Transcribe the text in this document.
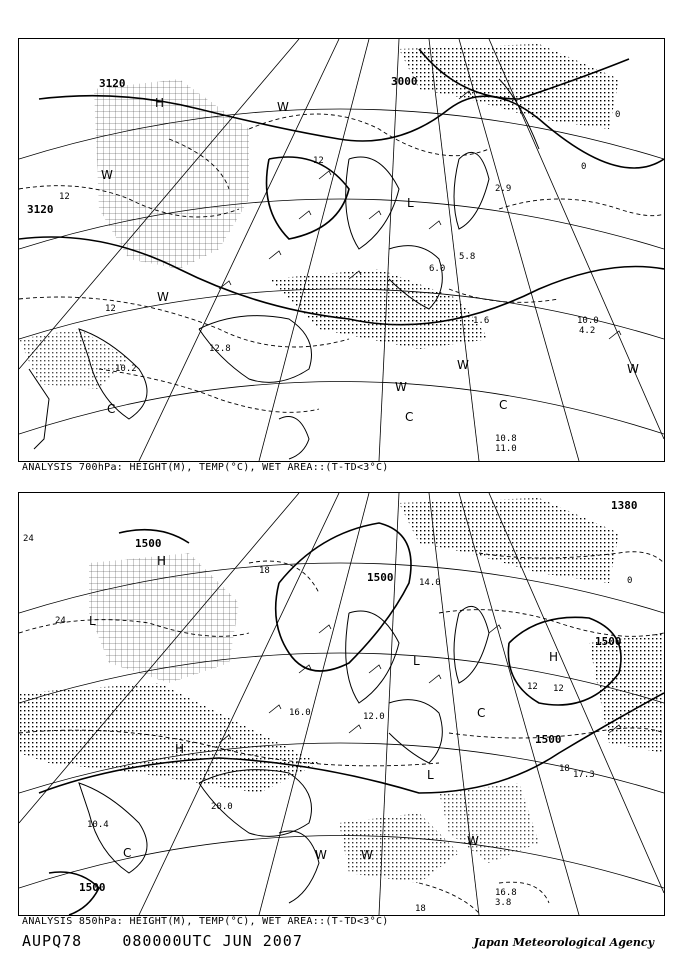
3120
3120
3000
12
12
12
0
0
H
L
W
W
W
W	W
W
C
C
C
10.0
4.2
10.8
11.0
12.8
10.2
5.8
6.0
2.9
1.6
ANALYSIS 700hPa: HEIGHT(M), TEMP(°C), WET AREA::(T-TD<3°C)
1500
1500
1500
1500
1500
1380
24
24
18
18
18
12 12
0
H
H
H
L
L
L
W	W
W
C
C
16.8
3.8
20.0
10.4
14.0
12.0
16.0
17.3
ANALYSIS 850hPa: HEIGHT(M), TEMP(°C), WET AREA::(T-TD<3°C)
AUPQ78	080000UTC JUN 2007	Japan Meteorological Agency
